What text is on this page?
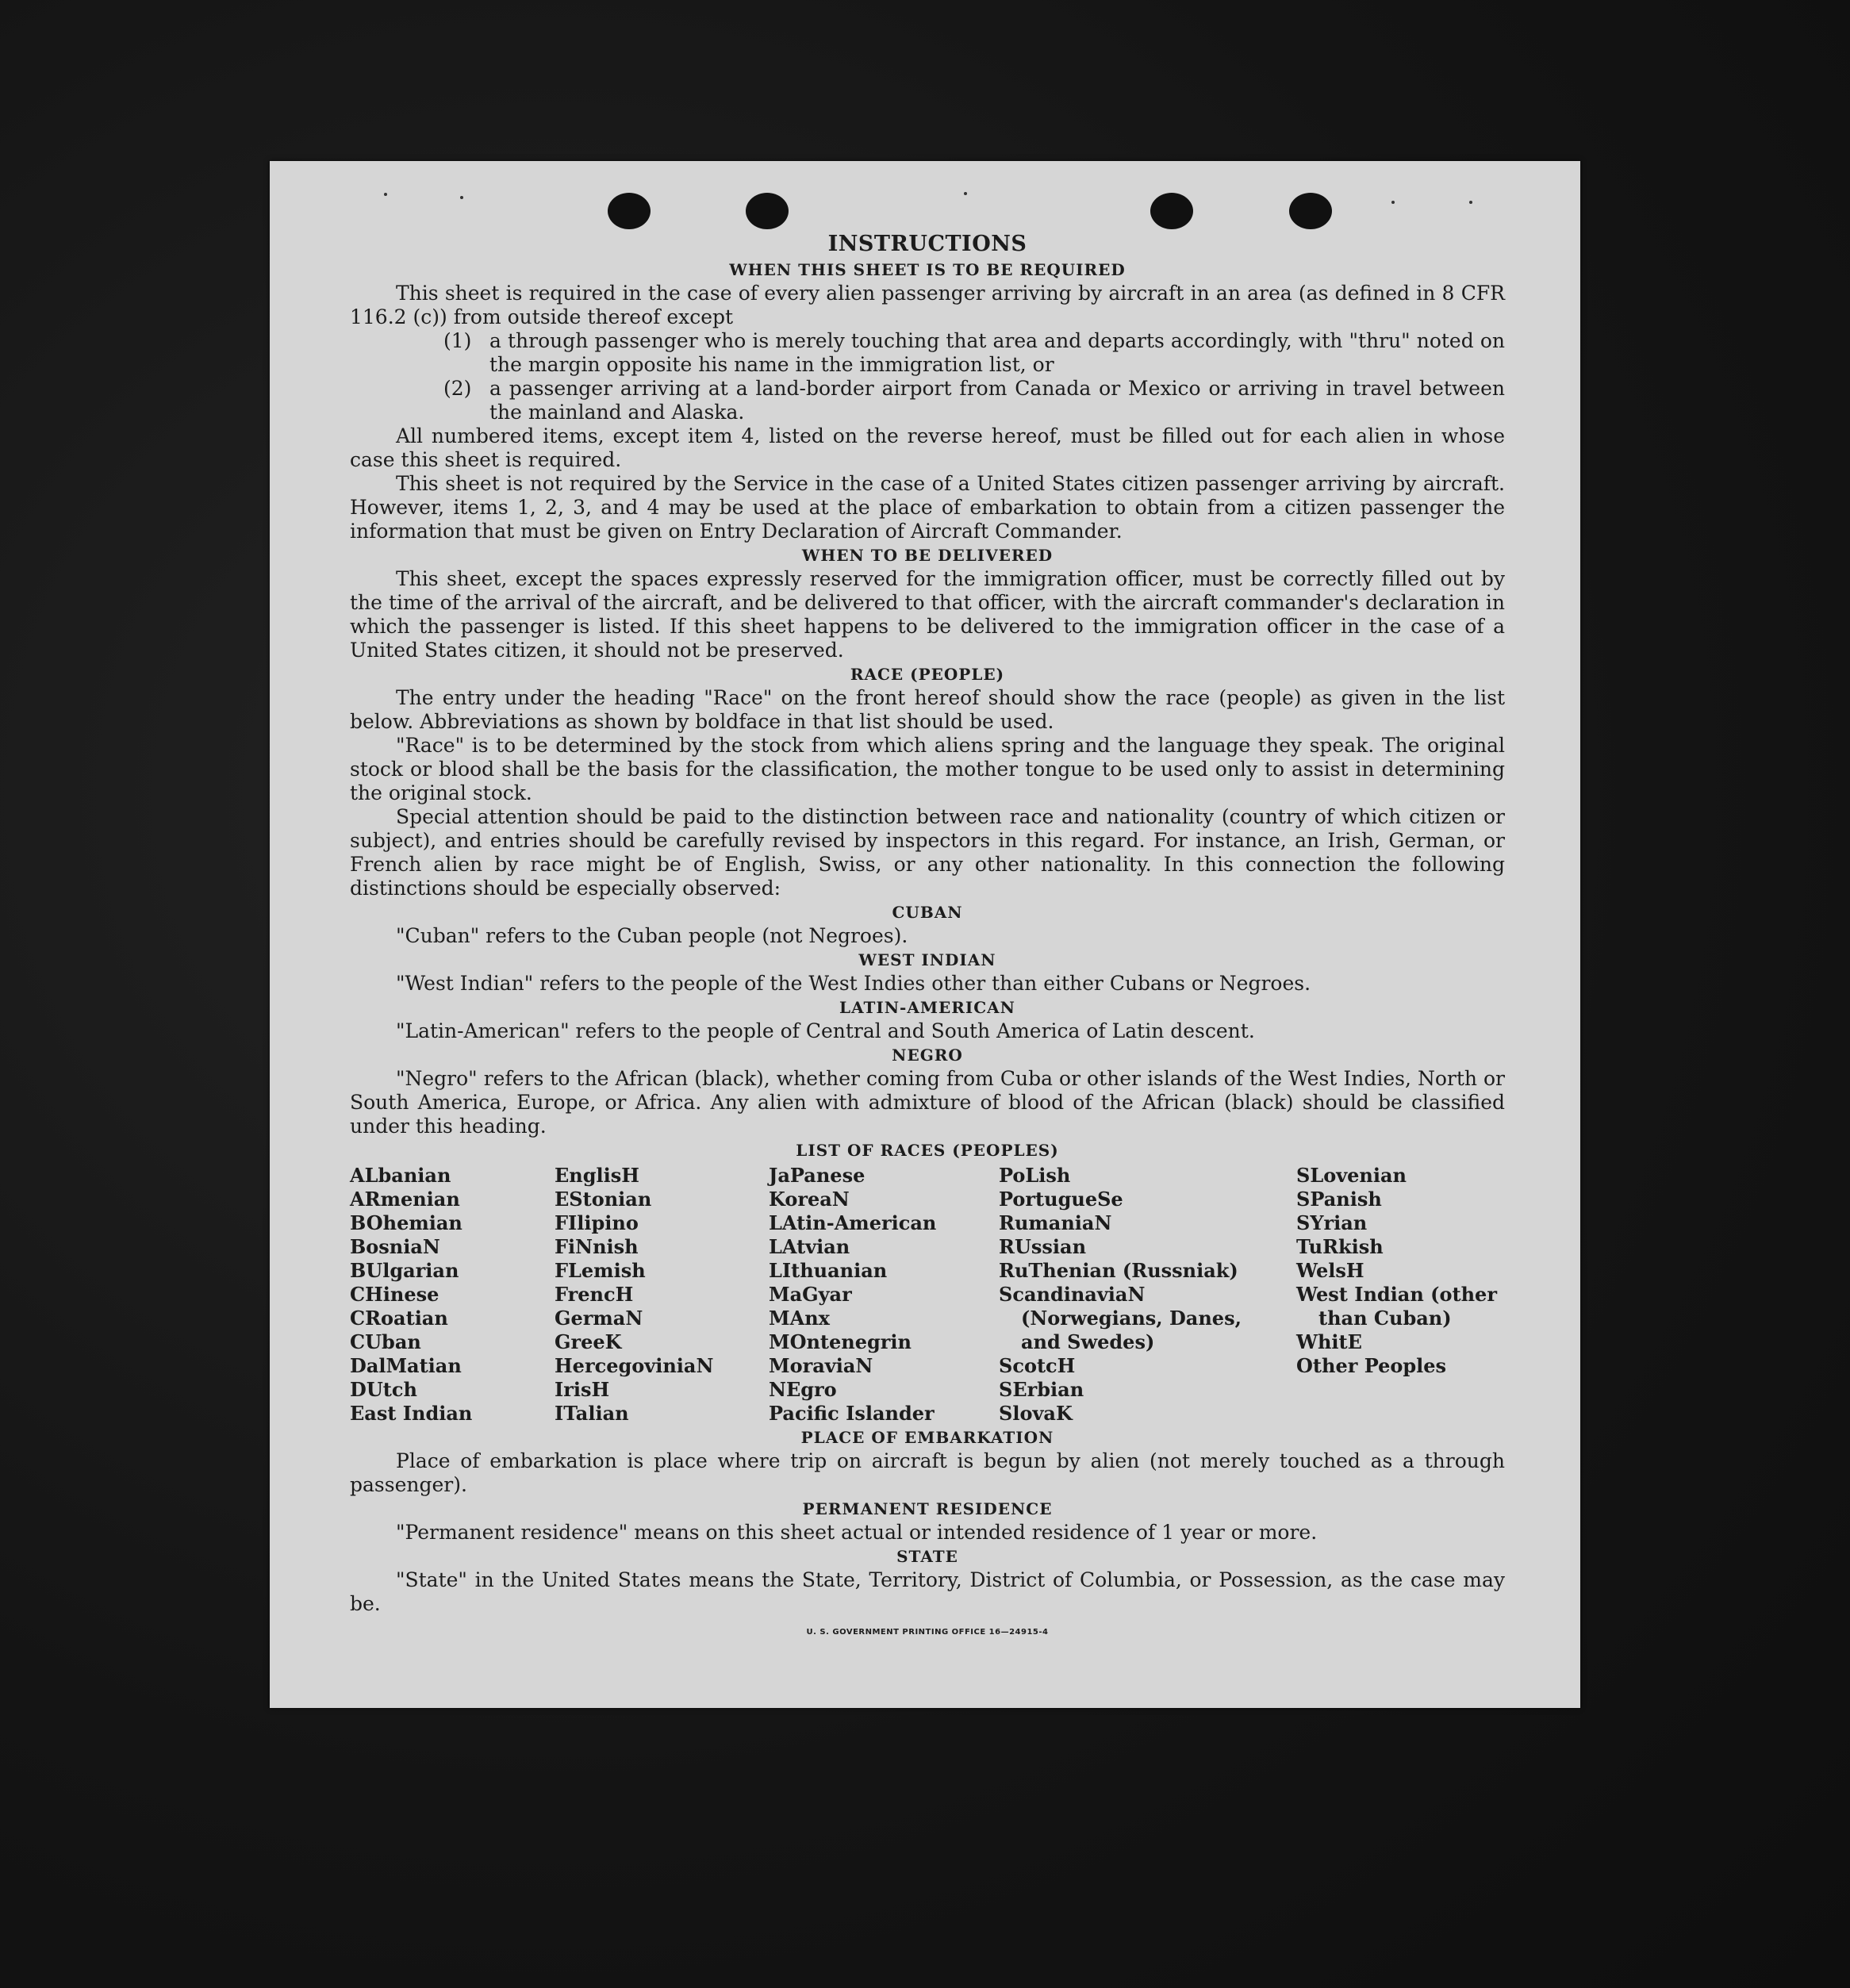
INSTRUCTIONS
WHEN THIS SHEET IS TO BE REQUIRED

This sheet is required in the case of every alien passenger arriving by aircraft in an area (as defined in 8 CFR 116.2 (c)) from outside thereof except

(1) a through passenger who is merely touching that area and departs accordingly, with "thru" noted on the margin opposite his name in the immigration list, or
(2) a passenger arriving at a land-border airport from Canada or Mexico or arriving in travel between the mainland and Alaska.

All numbered items, except item 4, listed on the reverse hereof, must be filled out for each alien in whose case this sheet is required.

This sheet is not required by the Service in the case of a United States citizen passenger arriving by aircraft. However, items 1, 2, 3, and 4 may be used at the place of embarkation to obtain from a citizen passenger the information that must be given on Entry Declaration of Aircraft Commander.

WHEN TO BE DELIVERED

This sheet, except the spaces expressly reserved for the immigration officer, must be correctly filled out by the time of the arrival of the aircraft, and be delivered to that officer, with the aircraft commander's declaration in which the passenger is listed. If this sheet happens to be delivered to the immigration officer in the case of a United States citizen, it should not be preserved.

RACE (PEOPLE)

The entry under the heading "Race" on the front hereof should show the race (people) as given in the list below. Abbreviations as shown by boldface in that list should be used.

"Race" is to be determined by the stock from which aliens spring and the language they speak. The original stock or blood shall be the basis for the classification, the mother tongue to be used only to assist in determining the original stock.

Special attention should be paid to the distinction between race and nationality (country of which citizen or subject), and entries should be carefully revised by inspectors in this regard. For instance, an Irish, German, or French alien by race might be of English, Swiss, or any other nationality. In this connection the following distinctions should be especially observed:

CUBAN

"Cuban" refers to the Cuban people (not Negroes).

WEST INDIAN

"West Indian" refers to the people of the West Indies other than either Cubans or Negroes.

LATIN-AMERICAN

"Latin-American" refers to the people of Central and South America of Latin descent.

NEGRO

"Negro" refers to the African (black), whether coming from Cuba or other islands of the West Indies, North or South America, Europe, or Africa. Any alien with admixture of blood of the African (black) should be classified under this heading.

LIST OF RACES (PEOPLES)
ALbanian
ARmenian
BOhemian
BosniaN
BUlgarian
CHinese
CRoatian
CUban
DalMatian
DUtch
East Indian
EnglisH
EStonian
FIlipino
FiNnish
FLemish
FrencH
GermaN
GreeK
HercegoviniaN
IrisH
ITalian
JaPanese
KoreaN
LAtin-American
LAtvian
LIthuanian
MaGyar
MAnx
MOntenegrin
MoraviaN
NEgro
Pacific Islander
PoLish
PortugueSe
RumaniaN
RUssian
RuThenian (Russniak)
ScandinaviaN (Norwegians, Danes, and Swedes)
ScotcH
SErbian
SlovaK
SLovenian
SPanish
SYrian
TuRkish
WelsH
West Indian (other than Cuban)
WhitE
Other Peoples
PLACE OF EMBARKATION

Place of embarkation is place where trip on aircraft is begun by alien (not merely touched as a through passenger).

PERMANENT RESIDENCE

"Permanent residence" means on this sheet actual or intended residence of 1 year or more.

STATE

"State" in the United States means the State, Territory, District of Columbia, or Possession, as the case may be.

U. S. GOVERNMENT PRINTING OFFICE 16—24915-4
